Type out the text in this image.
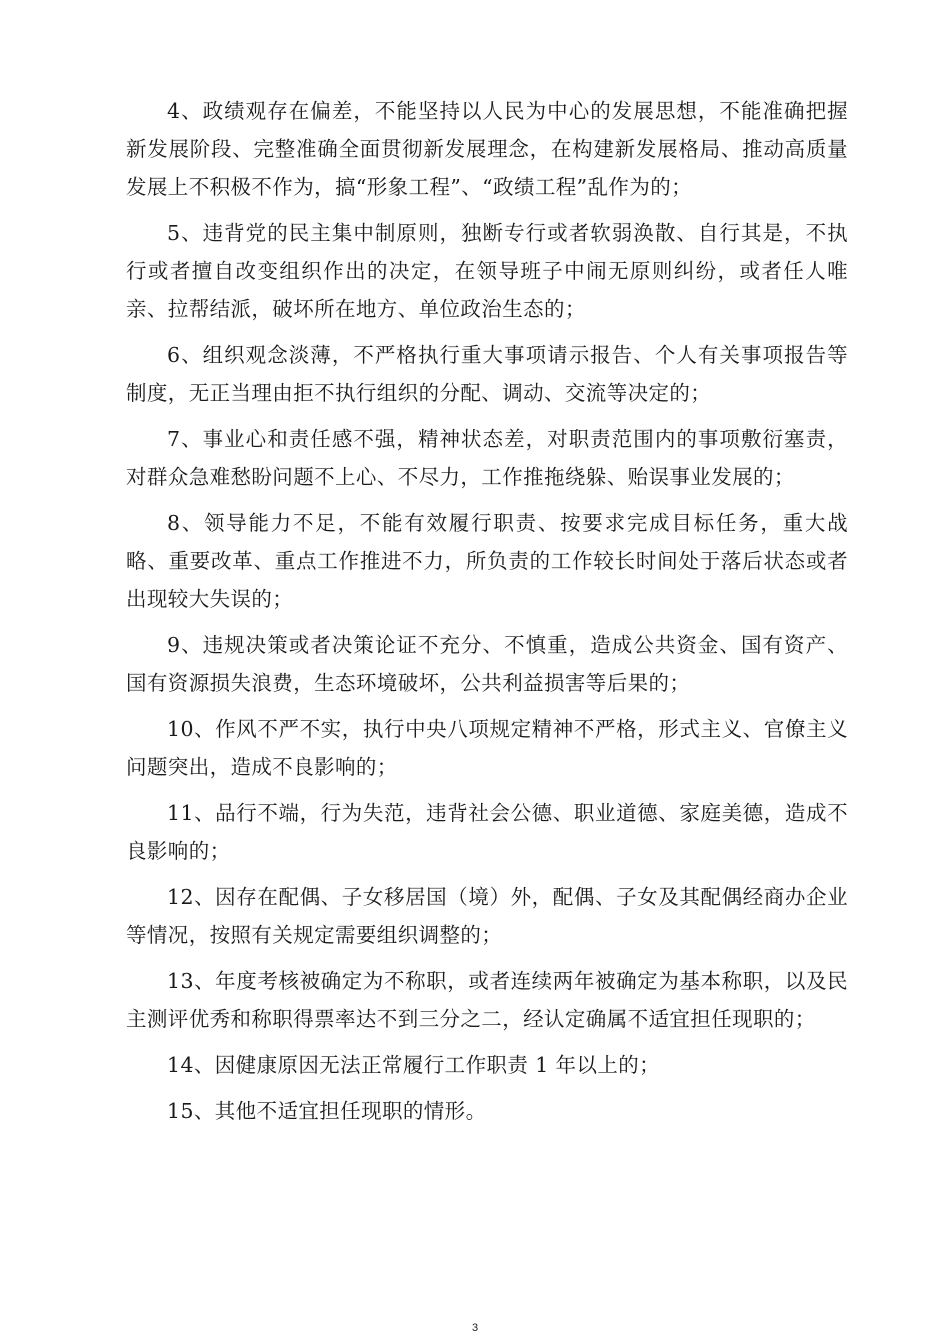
4、政绩观存在偏差，不能坚持以人民为中心的发展思想，不能准确把握新发展阶段、完整准确全面贯彻新发展理念，在构建新发展格局、推动高质量发展上不积极不作为，搞“形象工程”、“政绩工程”乱作为的；

5、违背党的民主集中制原则，独断专行或者软弱涣散、自行其是，不执行或者擅自改变组织作出的决定，在领导班子中闹无原则纠纷，或者任人唯亲、拉帮结派，破坏所在地方、单位政治生态的；

6、组织观念淡薄，不严格执行重大事项请示报告、个人有关事项报告等制度，无正当理由拒不执行组织的分配、调动、交流等决定的；

7、事业心和责任感不强，精神状态差，对职责范围内的事项敷衍塞责，对群众急难愁盼问题不上心、不尽力，工作推拖绕躲、贻误事业发展的；

8、领导能力不足，不能有效履行职责、按要求完成目标任务，重大战略、重要改革、重点工作推进不力，所负责的工作较长时间处于落后状态或者出现较大失误的；

9、违规决策或者决策论证不充分、不慎重，造成公共资金、国有资产、国有资源损失浪费，生态环境破坏，公共利益损害等后果的；

10、作风不严不实，执行中央八项规定精神不严格，形式主义、官僚主义问题突出，造成不良影响的；

11、品行不端，行为失范，违背社会公德、职业道德、家庭美德，造成不良影响的；

12、因存在配偶、子女移居国（境）外，配偶、子女及其配偶经商办企业等情况，按照有关规定需要组织调整的；

13、年度考核被确定为不称职，或者连续两年被确定为基本称职，以及民主测评优秀和称职得票率达不到三分之二，经认定确属不适宜担任现职的；

14、因健康原因无法正常履行工作职责 1 年以上的；

15、其他不适宜担任现职的情形。

3
